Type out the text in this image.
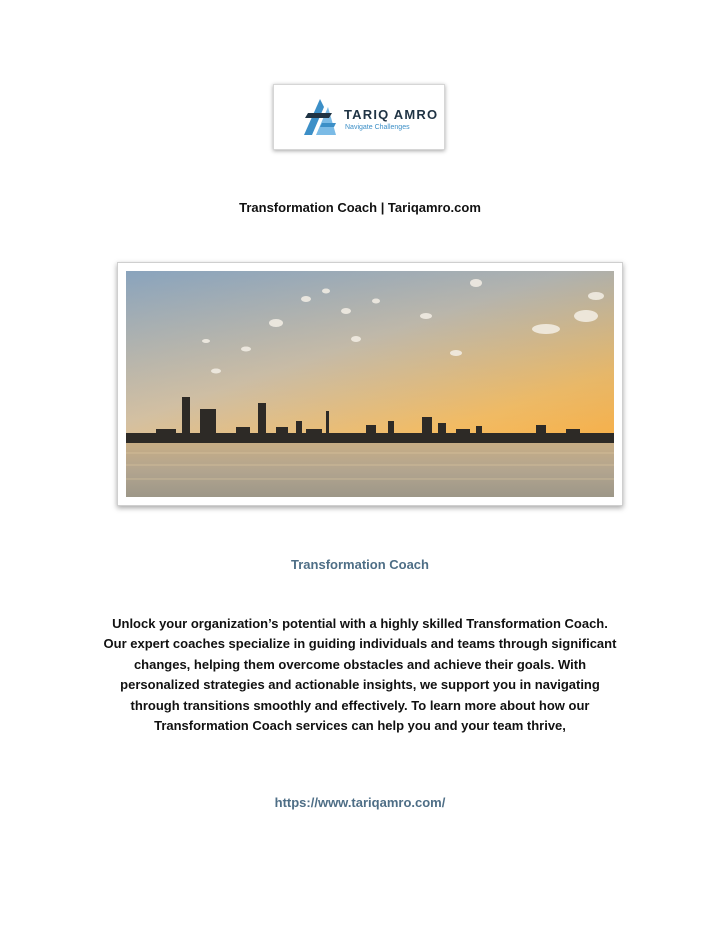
TARIQ AMRO
Navigate Challenges
Transformation Coach | Tariqamro.com
Transformation Coach
Unlock your organization’s potential with a highly skilled Transformation Coach. Our expert coaches specialize in guiding individuals and teams through significant changes, helping them overcome obstacles and achieve their goals. With personalized strategies and actionable insights, we support you in navigating through transitions smoothly and effectively. To learn more about how our Transformation Coach services can help you and your team thrive,
https://www.tariqamro.com/
